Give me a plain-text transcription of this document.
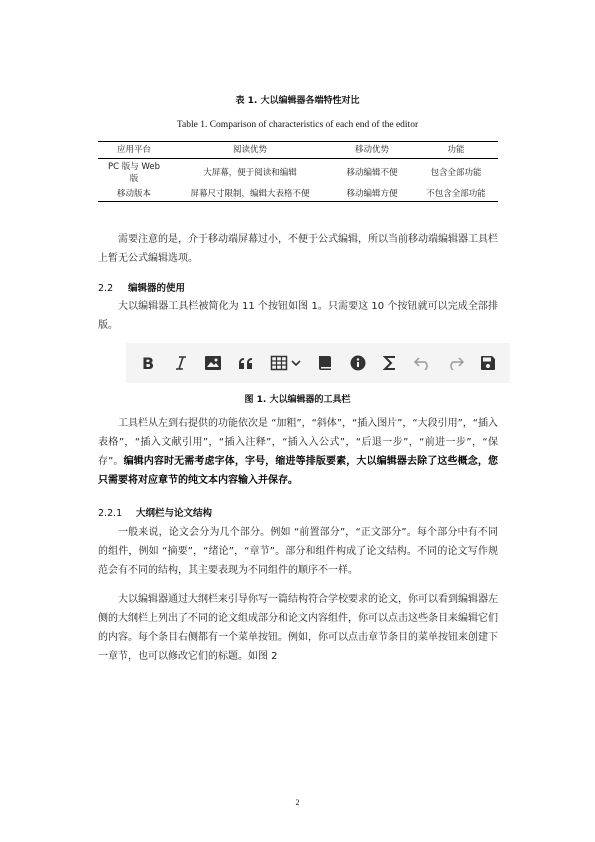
表 1. 大以编辑器各端特性对比
Table 1. Comparison of characteristics of each end of the editor
应用平台	阅读优势	移动优势	功能
PC 版与 Web 版	大屏幕，便于阅读和编辑	移动编辑不便	包含全部功能
移动版本	屏幕尺寸限制，编辑大表格不便	移动编辑方便	不包含全部功能

需要注意的是，介于移动端屏幕过小，不便于公式编辑，所以当前移动端编辑器工具栏上暂无公式编辑选项。

2.2 编辑器的使用

大以编辑器工具栏被简化为 11 个按钮如图 1。只需要这 10 个按钮就可以完成全部排版。

B
图 1. 大以编辑器的工具栏

工具栏从左到右提供的功能依次是 “加粗”，“斜体”，“插入图片”，“大段引用”，“插入表格”，“插入文献引用”，“插入注释”，“插入入公式”，“后退一步”，“前进一步”，“保存”。编辑内容时无需考虑字体，字号，缩进等排版要素，大以编辑器去除了这些概念，您只需要将对应章节的纯文本内容输入并保存。

2.2.1 大纲栏与论文结构

一般来说，论文会分为几个部分。例如 “前置部分”，“正文部分”。每个部分中有不同的组件，例如 “摘要”，“绪论”，“章节”。部分和组件构成了论文结构。不同的论文写作规范会有不同的结构，其主要表现为不同组件的顺序不一样。

大以编辑器通过大纲栏来引导你写一篇结构符合学校要求的论文，你可以看到编辑器左侧的大纲栏上列出了不同的论文组成部分和论文内容组件，你可以点击这些条目来编辑它们的内容。每个条目右侧都有一个菜单按钮。例如，你可以点击章节条目的菜单按钮来创建下一章节，也可以修改它们的标题。如图 2

2
